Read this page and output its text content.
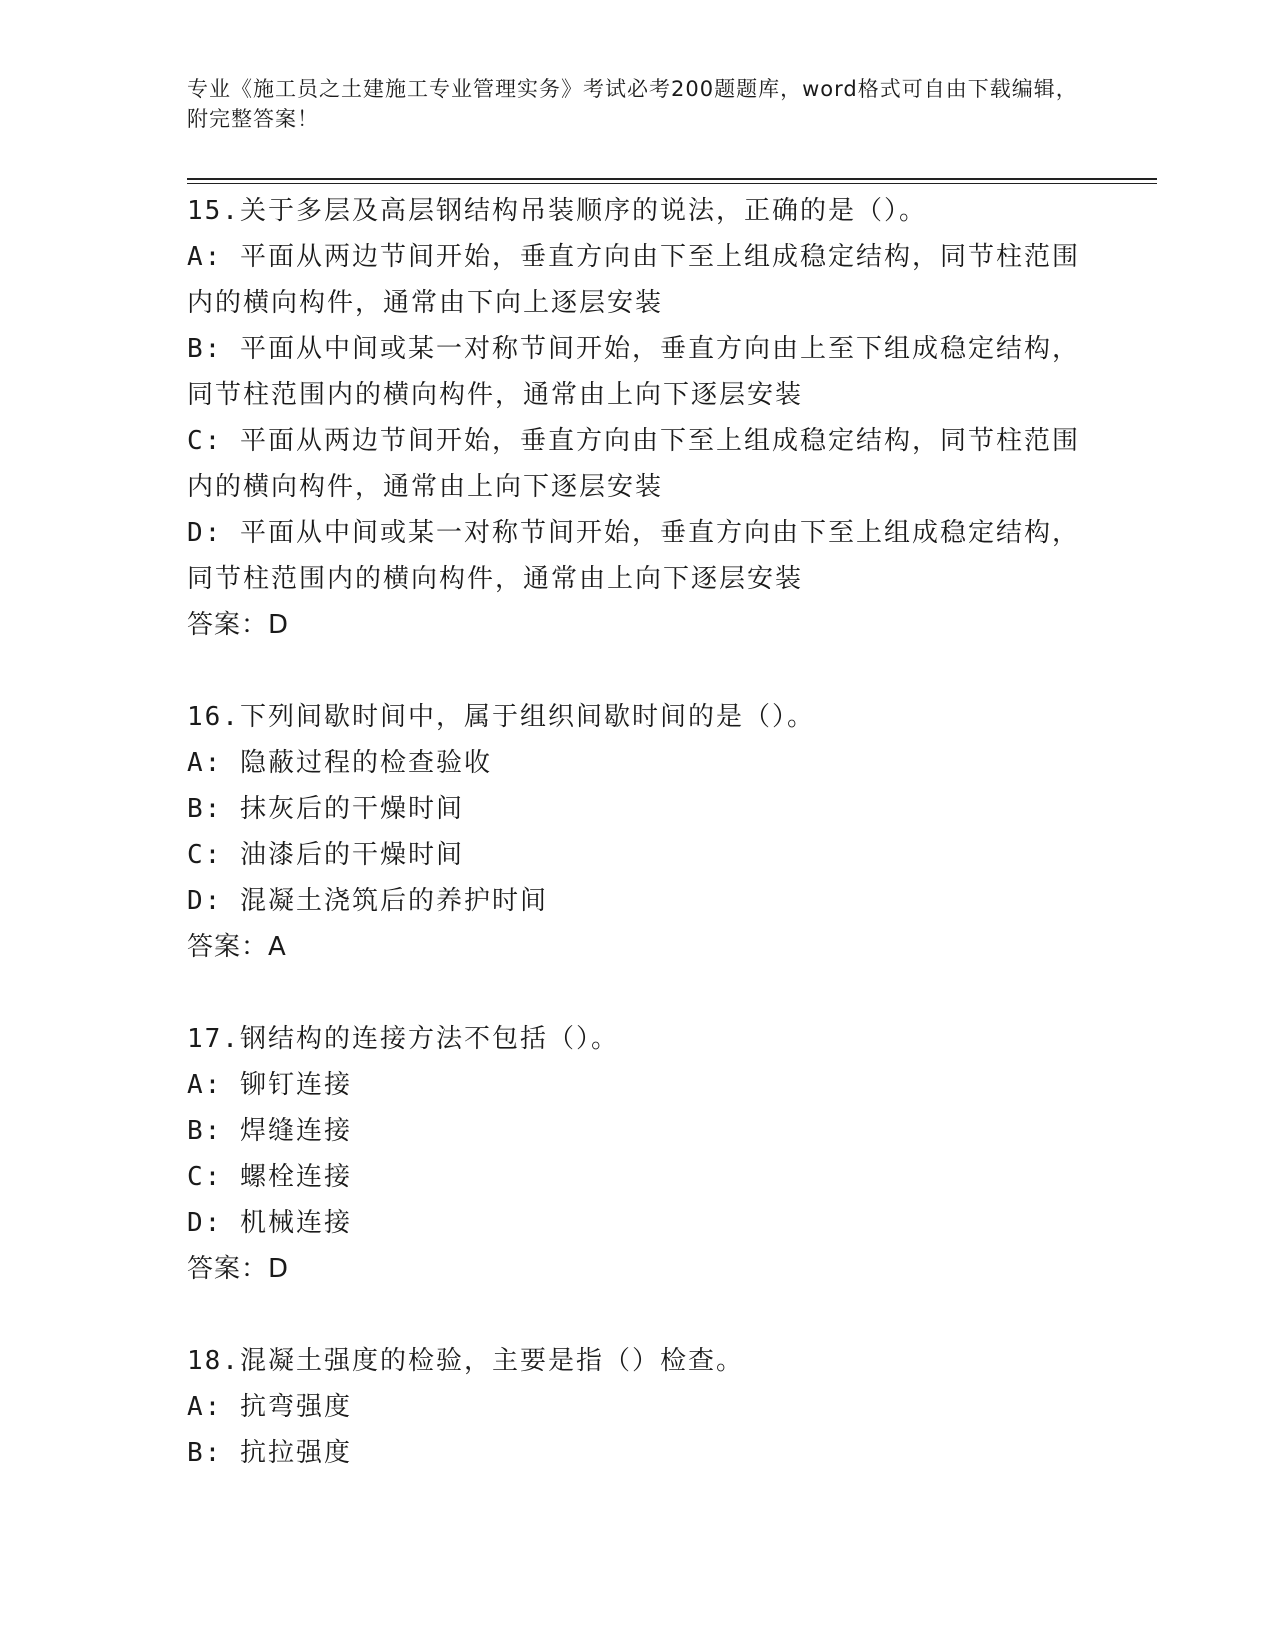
专业《施工员之土建施工专业管理实务》考试必考200题题库，word格式可自由下载编辑，附完整答案！
15.关于多层及高层钢结构吊装顺序的说法，正确的是（）。
A: 平面从两边节间开始，垂直方向由下至上组成稳定结构，同节柱范围内的横向构件，通常由下向上逐层安装
B: 平面从中间或某一对称节间开始，垂直方向由上至下组成稳定结构，同节柱范围内的横向构件，通常由上向下逐层安装
C: 平面从两边节间开始，垂直方向由下至上组成稳定结构，同节柱范围内的横向构件，通常由上向下逐层安装
D: 平面从中间或某一对称节间开始，垂直方向由下至上组成稳定结构，同节柱范围内的横向构件，通常由上向下逐层安装
答案：D
16.下列间歇时间中，属于组织间歇时间的是（）。
A: 隐蔽过程的检查验收
B: 抹灰后的干燥时间
C: 油漆后的干燥时间
D: 混凝土浇筑后的养护时间
答案：A
17.钢结构的连接方法不包括（）。
A: 铆钉连接
B: 焊缝连接
C: 螺栓连接
D: 机械连接
答案：D
18.混凝土强度的检验，主要是指（）检查。
A: 抗弯强度
B: 抗拉强度
